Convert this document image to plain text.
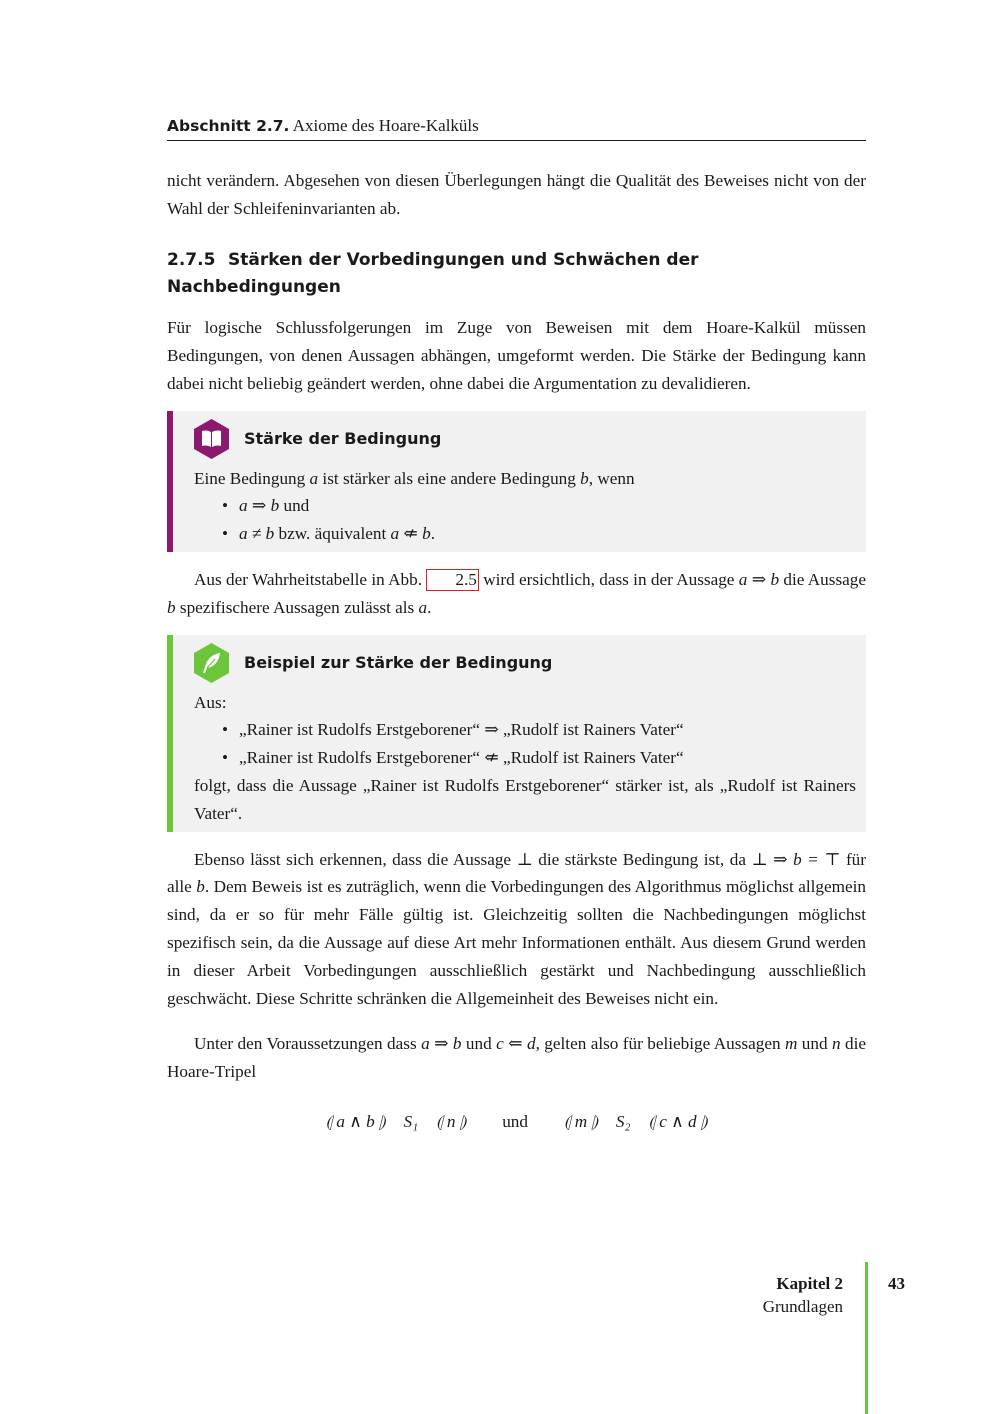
Abschnitt 2.7. Axiome des Hoare-Kalküls

nicht verändern. Abgesehen von diesen Überlegungen hängt die Qualität des Beweises nicht von der Wahl der Schleifeninvarianten ab.

2.7.5 Stärken der Vorbedingungen und Schwächen der Nachbedingungen

Für logische Schlussfolgerungen im Zuge von Beweisen mit dem Hoare-Kalkül müssen Bedingungen, von denen Aussagen abhängen, umgeformt werden. Die Stärke der Bedingung kann dabei nicht beliebig geändert werden, ohne dabei die Argumentation zu devalidieren.

Stärke der Bedingung

Eine Bedingung a ist stärker als eine andere Bedingung b, wenn

• a ⇒ b und
• a ≠ b bzw. äquivalent a ⇍ b.

Aus der Wahrheitstabelle in Abb. 2.5 wird ersichtlich, dass in der Aussage a ⇒ b die Aussage b spezifischere Aussagen zulässt als a.

Beispiel zur Stärke der Bedingung

Aus:

• „Rainer ist Rudolfs Erstgeborener“ ⇒ „Rudolf ist Rainers Vater“
• „Rainer ist Rudolfs Erstgeborener“ ⇍ „Rudolf ist Rainers Vater“

folgt, dass die Aussage „Rainer ist Rudolfs Erstgeborener“ stärker ist, als „Rudolf ist Rainers Vater“.

Ebenso lässt sich erkennen, dass die Aussage ⊥ die stärkste Bedingung ist, da ⊥ ⇒ b = ⊤ für alle b. Dem Beweis ist es zuträglich, wenn die Vorbedingungen des Algorithmus möglichst allgemein sind, da er so für mehr Fälle gültig ist. Gleichzeitig sollten die Nachbedingungen möglichst spezifisch sein, da die Aussage auf diese Art mehr Informationen enthält. Aus diesem Grund werden in dieser Arbeit Vorbedingungen ausschließlich gestärkt und Nachbedingung ausschließlich geschwächt. Diese Schritte schränken die Allgemeinheit des Beweises nicht ein.

Unter den Voraussetzungen dass a ⇒ b und c ⇐ d, gelten also für beliebige Aussagen m und n die Hoare-Tripel

⦇ a ∧ b ⦈ S₁ ⦇ n ⦈ und ⦇ m ⦈ S₂ ⦇ c ∧ d ⦈
Kapitel 2
Grundlagen
43
